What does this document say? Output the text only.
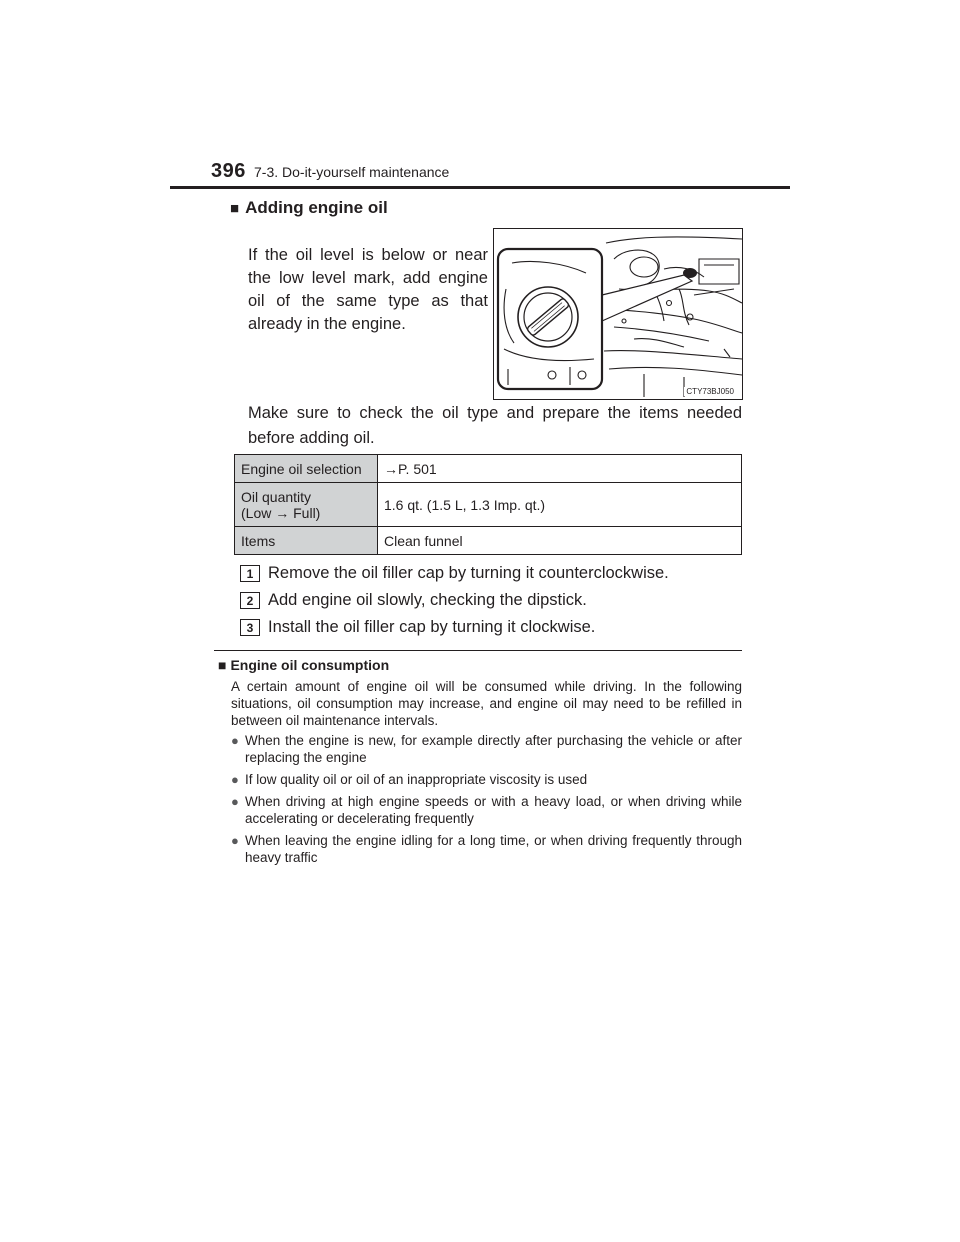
396 7-3. Do-it-yourself maintenance
■ Adding engine oil
If the oil level is below or near the low level mark, add engine oil of the same type as that already in the engine.
CTY73BJ050
Make sure to check the oil type and prepare the items needed before adding oil.
Engine oil selection	→P. 501

Oil quantity
(Low → Full)	1.6 qt. (1.5 L, 1.3 Imp. qt.)
Items	Clean funnel
1 Remove the oil filler cap by turning it counterclockwise.
2 Add engine oil slowly, checking the dipstick.
3 Install the oil filler cap by turning it clockwise.
■ Engine oil consumption
A certain amount of engine oil will be consumed while driving. In the following situations, oil consumption may increase, and engine oil may need to be refilled in between oil maintenance intervals.
● When the engine is new, for example directly after purchasing the vehicle or after replacing the engine
● If low quality oil or oil of an inappropriate viscosity is used
● When driving at high engine speeds or with a heavy load, or when driving while accelerating or decelerating frequently
● When leaving the engine idling for a long time, or when driving frequently through heavy traffic
